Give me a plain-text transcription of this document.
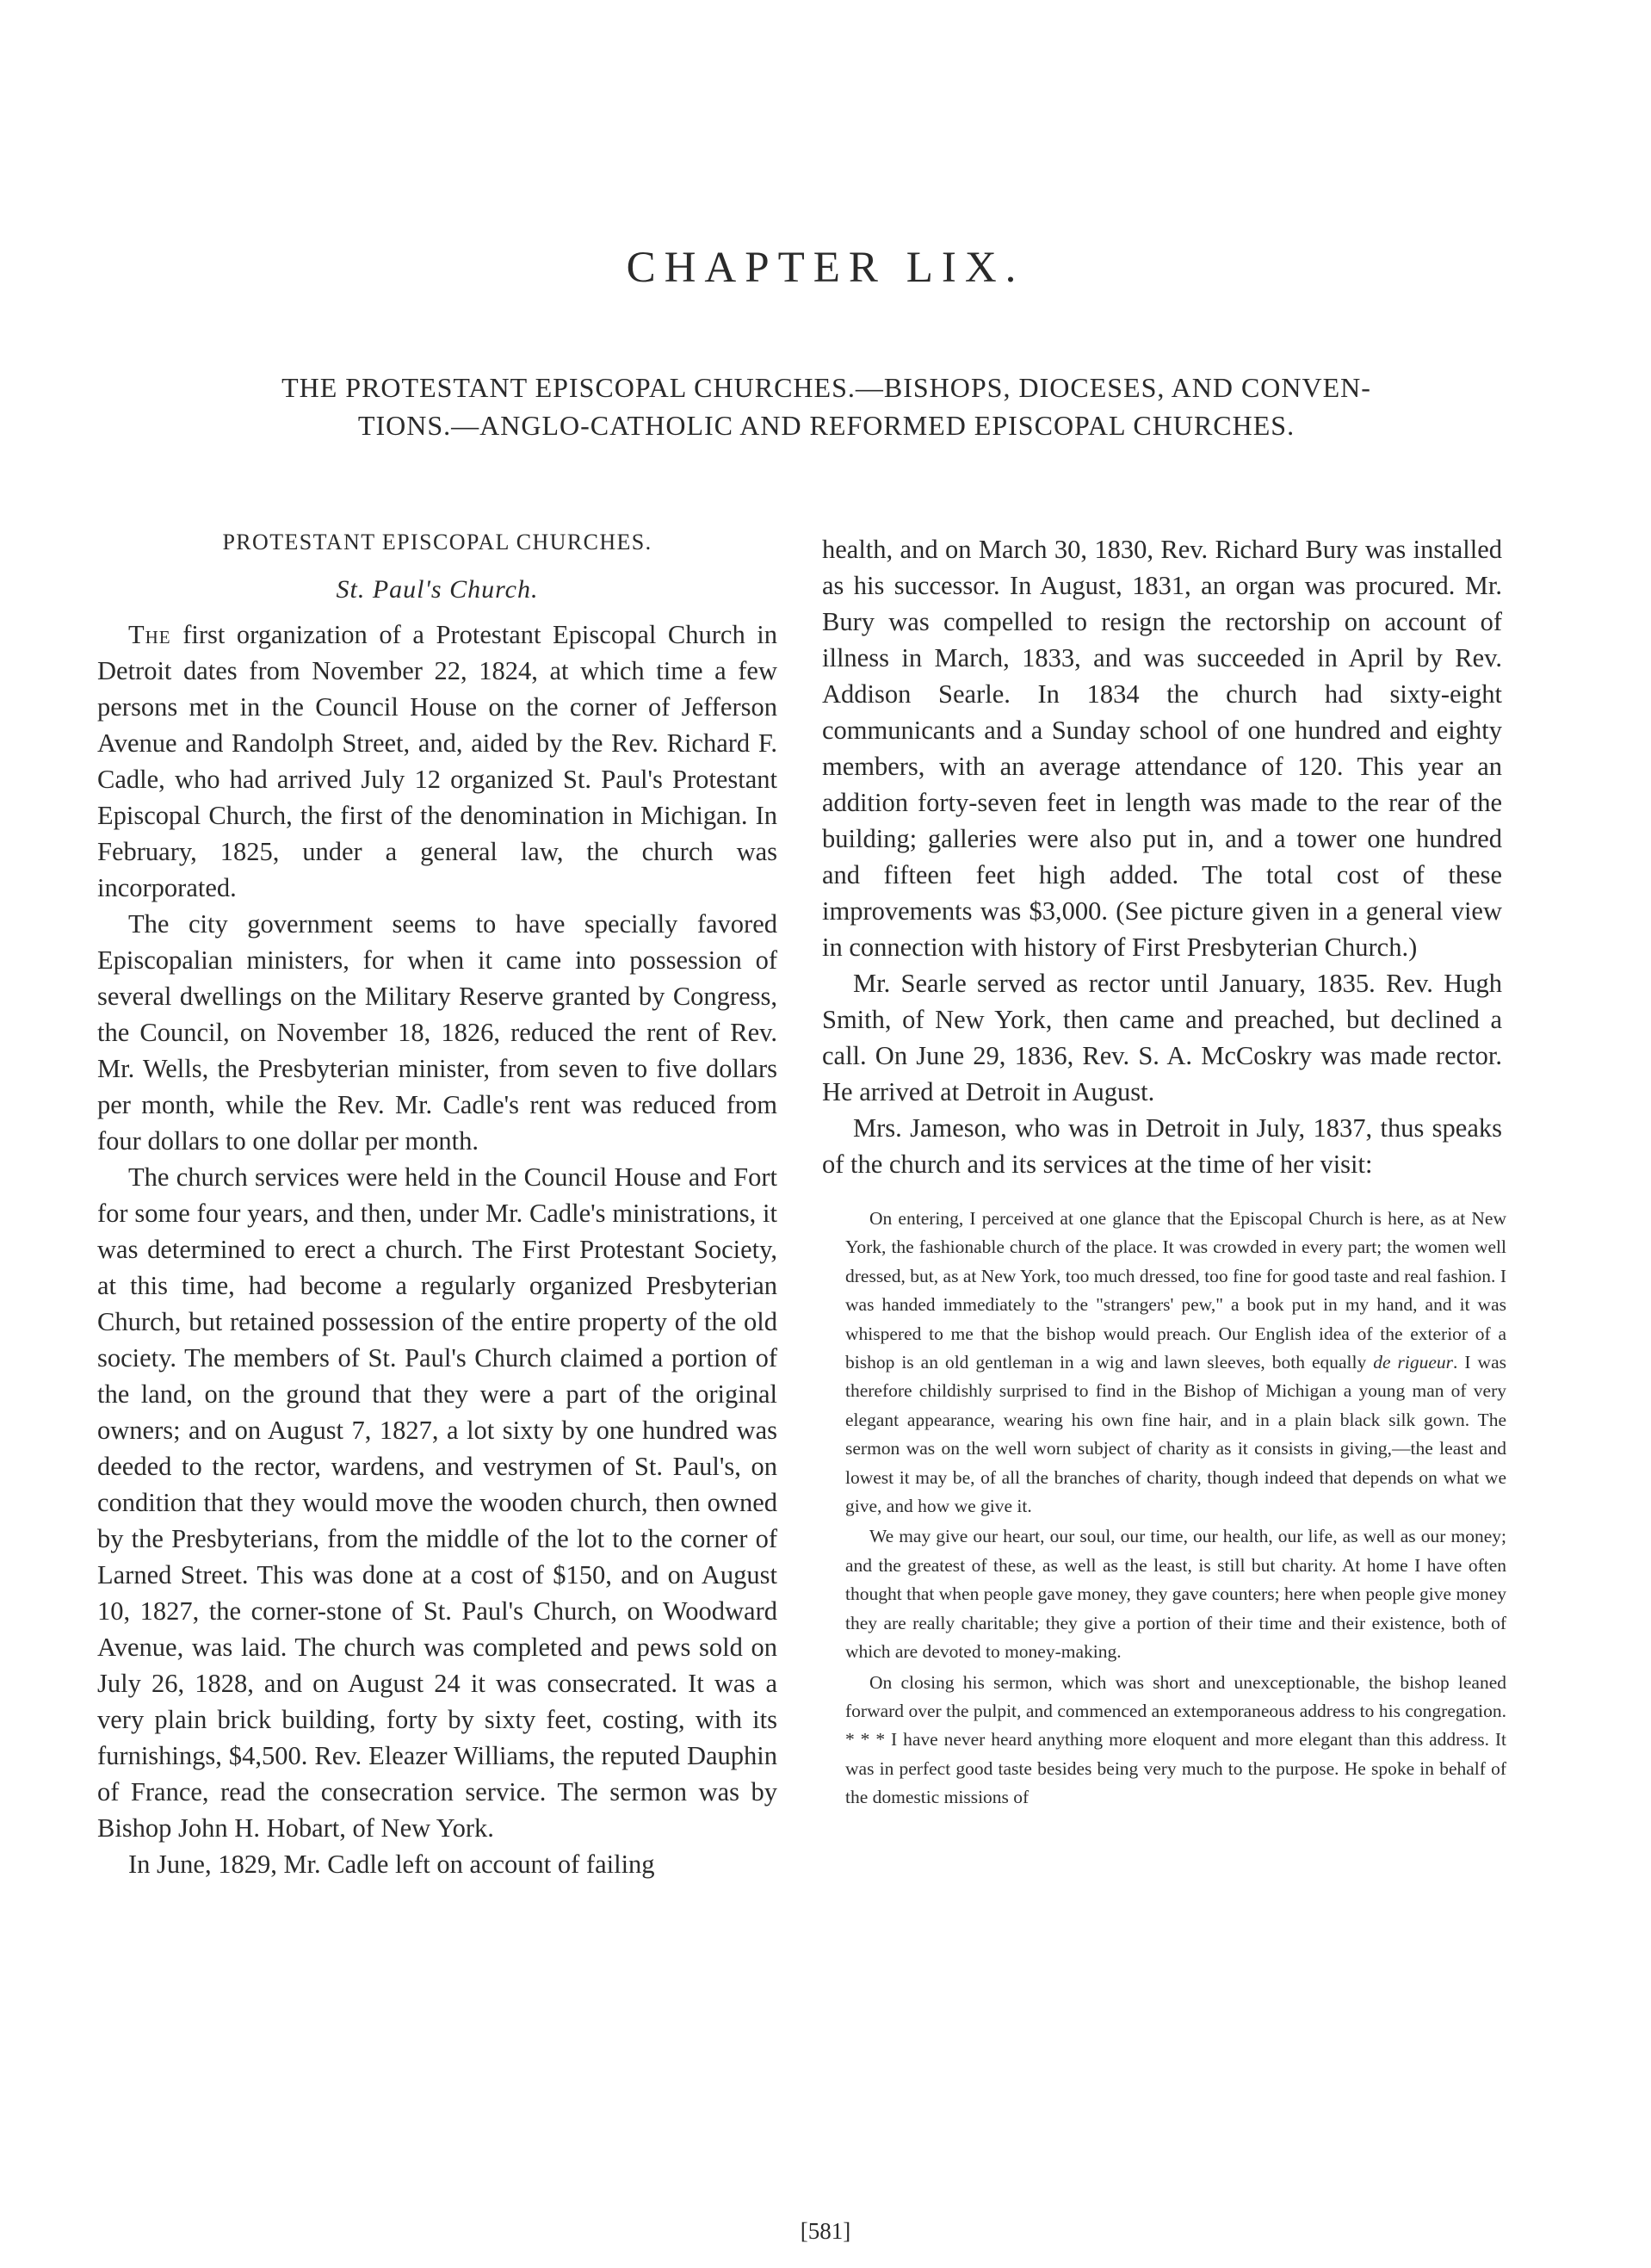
CHAPTER LIX.
THE PROTESTANT EPISCOPAL CHURCHES.—BISHOPS, DIOCESES, AND CONVEN-
TIONS.—ANGLO-CATHOLIC AND REFORMED EPISCOPAL CHURCHES.
PROTESTANT EPISCOPAL CHURCHES.
St. Paul's Church.

The first organization of a Protestant Episcopal Church in Detroit dates from November 22, 1824, at which time a few persons met in the Council House on the corner of Jefferson Avenue and Randolph Street, and, aided by the Rev. Richard F. Cadle, who had arrived July 12 organized St. Paul's Protestant Episcopal Church, the first of the denomination in Michigan. In February, 1825, under a general law, the church was incorporated.

The city government seems to have specially favored Episcopalian ministers, for when it came into possession of several dwellings on the Military Reserve granted by Congress, the Council, on November 18, 1826, reduced the rent of Rev. Mr. Wells, the Presbyterian minister, from seven to five dollars per month, while the Rev. Mr. Cadle's rent was reduced from four dollars to one dollar per month.

The church services were held in the Council House and Fort for some four years, and then, under Mr. Cadle's ministrations, it was determined to erect a church. The First Protestant Society, at this time, had become a regularly organized Presbyterian Church, but retained possession of the entire property of the old society. The members of St. Paul's Church claimed a portion of the land, on the ground that they were a part of the original owners; and on August 7, 1827, a lot sixty by one hundred was deeded to the rector, wardens, and vestrymen of St. Paul's, on condition that they would move the wooden church, then owned by the Presbyterians, from the middle of the lot to the corner of Larned Street. This was done at a cost of $150, and on August 10, 1827, the corner-stone of St. Paul's Church, on Woodward Avenue, was laid. The church was completed and pews sold on July 26, 1828, and on August 24 it was consecrated. It was a very plain brick building, forty by sixty feet, costing, with its furnishings, $4,500. Rev. Eleazer Williams, the reputed Dauphin of France, read the consecration service. The sermon was by Bishop John H. Hobart, of New York.

In June, 1829, Mr. Cadle left on account of failing

health, and on March 30, 1830, Rev. Richard Bury was installed as his successor. In August, 1831, an organ was procured. Mr. Bury was compelled to resign the rectorship on account of illness in March, 1833, and was succeeded in April by Rev. Addison Searle. In 1834 the church had sixty-eight communicants and a Sunday school of one hundred and eighty members, with an average attendance of 120. This year an addition forty-seven feet in length was made to the rear of the building; galleries were also put in, and a tower one hundred and fifteen feet high added. The total cost of these improvements was $3,000. (See picture given in a general view in connection with history of First Presbyterian Church.)

Mr. Searle served as rector until January, 1835. Rev. Hugh Smith, of New York, then came and preached, but declined a call. On June 29, 1836, Rev. S. A. McCoskry was made rector. He arrived at Detroit in August.

Mrs. Jameson, who was in Detroit in July, 1837, thus speaks of the church and its services at the time of her visit:

On entering, I perceived at one glance that the Episcopal Church is here, as at New York, the fashionable church of the place. It was crowded in every part; the women well dressed, but, as at New York, too much dressed, too fine for good taste and real fashion. I was handed immediately to the "strangers' pew," a book put in my hand, and it was whispered to me that the bishop would preach. Our English idea of the exterior of a bishop is an old gentleman in a wig and lawn sleeves, both equally de rigueur. I was therefore childishly surprised to find in the Bishop of Michigan a young man of very elegant appearance, wearing his own fine hair, and in a plain black silk gown. The sermon was on the well worn subject of charity as it consists in giving,—the least and lowest it may be, of all the branches of charity, though indeed that depends on what we give, and how we give it.

We may give our heart, our soul, our time, our health, our life, as well as our money; and the greatest of these, as well as the least, is still but charity. At home I have often thought that when people gave money, they gave counters; here when people give money they are really charitable; they give a portion of their time and their existence, both of which are devoted to money-making.

On closing his sermon, which was short and unexceptionable, the bishop leaned forward over the pulpit, and commenced an extemporaneous address to his congregation. * * * I have never heard anything more eloquent and more elegant than this address. It was in perfect good taste besides being very much to the purpose. He spoke in behalf of the domestic missions of

[581]
